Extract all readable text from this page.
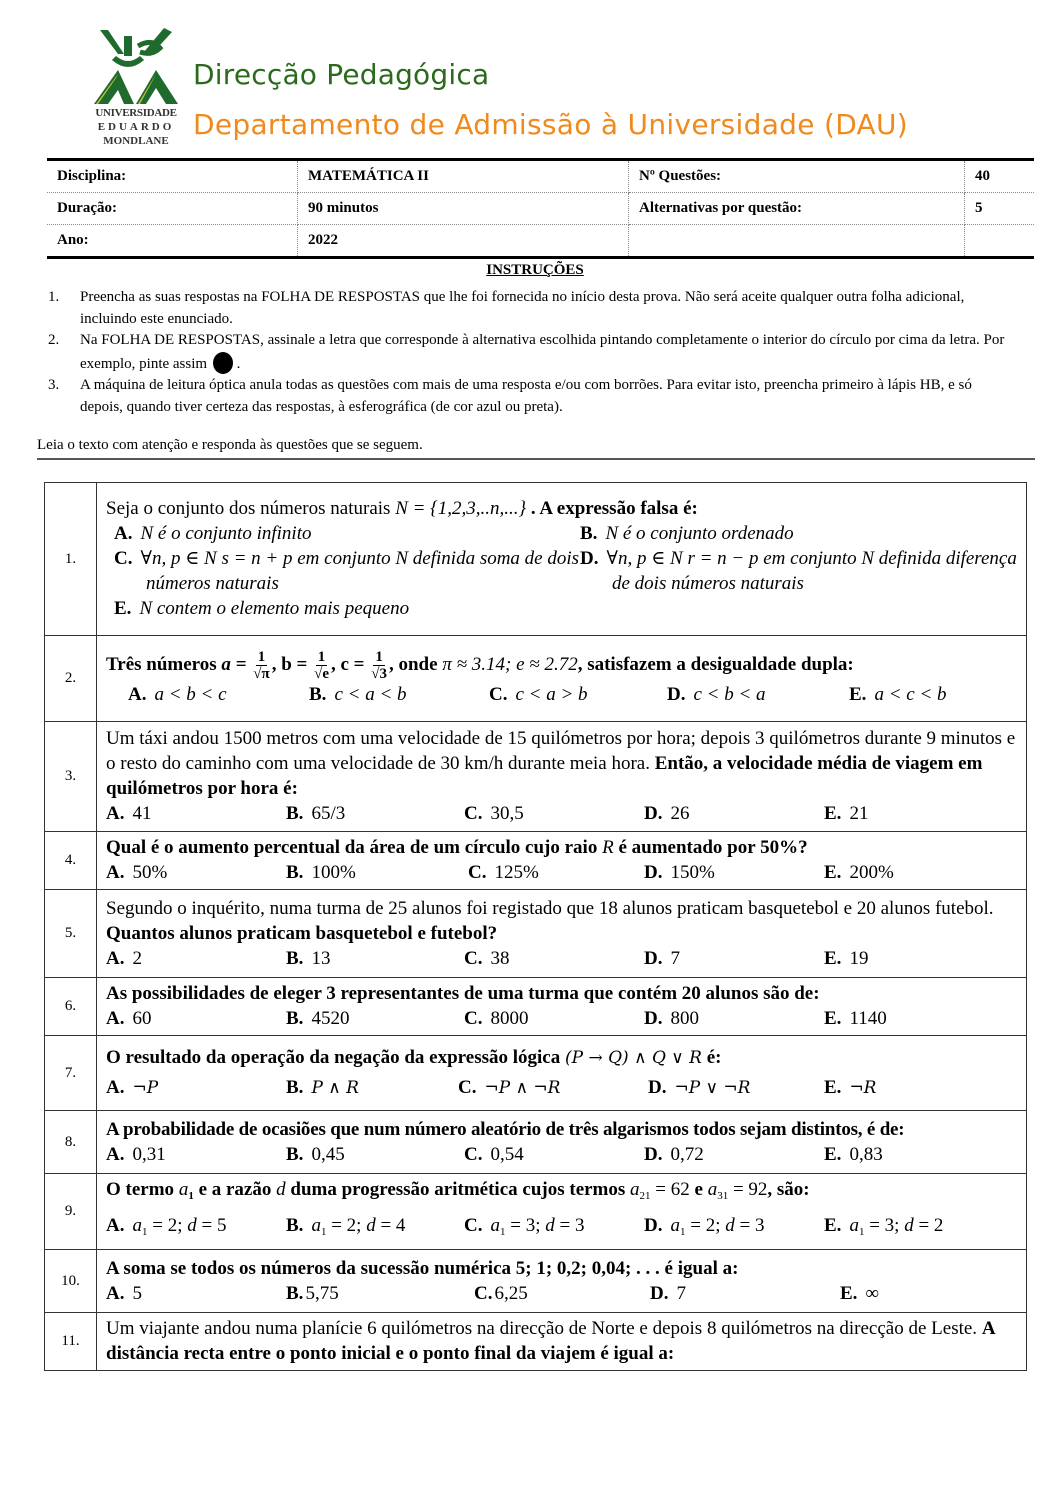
UNIVERSIDADE
EDUARDO
MONDLANE
Direcção Pedagógica
Departamento de Admissão à Universidade (DAU)
Disciplina:	MATEMÁTICA II	Nº Questões:	40
Duração:	90 minutos	Alternativas por questão:	5
Ano:	2022		
INSTRUÇÕES
1. Preencha as suas respostas na FOLHA DE RESPOSTAS que lhe foi fornecida no início desta prova. Não será aceite qualquer outra folha adicional, incluindo este enunciado.
2. Na FOLHA DE RESPOSTAS, assinale a letra que corresponde à alternativa escolhida pintando completamente o interior do círculo por cima da letra. Por exemplo, pinte assim .
3. A máquina de leitura óptica anula todas as questões com mais de uma resposta e/ou com borrões. Para evitar isto, preencha primeiro à lápis HB, e só depois, quando tiver certeza das respostas, à esferográfica (de cor azul ou preta).
Leia o texto com atenção e responda às questões que se seguem.
1.	
Seja o conjunto dos números naturais N = {1,2,3,..n,...} . A expressão falsa é:
A. N é o conjunto infinito	B. N é o conjunto ordenado
C. ∀n, p ∈ N s = n + p em conjunto N definida soma de dois números naturais
D. ∀n, p ∈ N r = n − p em conjunto N definida diferença de dois números naturais
E. N contem o elemento mais pequeno

2.	
Três números $a = \frac{1}{√\pi}$ , $b = \frac{1}{√e}$ , $c = \frac{1}{√3}$ , onde π ≈ 3.14; e ≈ 2.72, satisfazem a desigualdade dupla:
A. a < b < c	B. c < a < b	C. c < a > b	D. c < b < a	E. a < c < b

3.	
Um táxi andou 1500 metros com uma velocidade de 15 quilómetros por hora; depois 3 quilómetros durante 9 minutos e o resto do caminho com uma velocidade de 30 km/h durante meia hora. Então, a velocidade média de viagem em quilómetros por hora é:
A. 41	B. 65/3	C. 30,5	D. 26	E. 21

4.	
Qual é o aumento percentual da área de um círculo cujo raio R é aumentado por 50%?
A. 50%	B. 100%	C. 125%	D. 150%	E. 200%

5.	
Segundo o inquérito, numa turma de 25 alunos foi registado que 18 alunos praticam basquetebol e 20 alunos futebol. Quantos alunos praticam basquetebol e futebol?
A. 2	B. 13	C. 38	D. 7	E. 19

6.	
As possibilidades de eleger 3 representantes de uma turma que contém 20 alunos são de:
A. 60	B. 4520	C. 8000	D. 800	E. 1140

7.	
O resultado da operação da negação da expressão lógica (P → Q) ∧ Q ∨ R é:
A. ¬P	B. P ∧ R	C. ¬P ∧ ¬R	D. ¬P ∨ ¬R	E. ¬R

8.	
A probabilidade de ocasiões que num número aleatório de três algarismos todos sejam distintos, é de:
A. 0,31	B. 0,45	C. 0,54	D. 0,72	E. 0,83

9.	
O termo $a_1$ e a razão d duma progressão aritmética cujos termos $a_{21} = 62$ e $a_{31} = 92$, são:
A. $a_1 = 2$; d = 5	B. $a_1 = 2$; d = 4	C. $a_1 = 3$; d = 3	D. $a_1 = 2$; d = 3	E. $a_1 = 3$; d = 2

10.	
A soma se todos os números da sucessão numérica 5; 1; 0,2; 0,04; . . . é igual a:
A. 5	B. 5,75	C. 6,25	D. 7	E. ∞

11.	Um viajante andou numa planície 6 quilómetros na direcção de Norte e depois 8 quilómetros na direcção de Leste. A distância recta entre o ponto inicial e o ponto final da viajem é igual a:
